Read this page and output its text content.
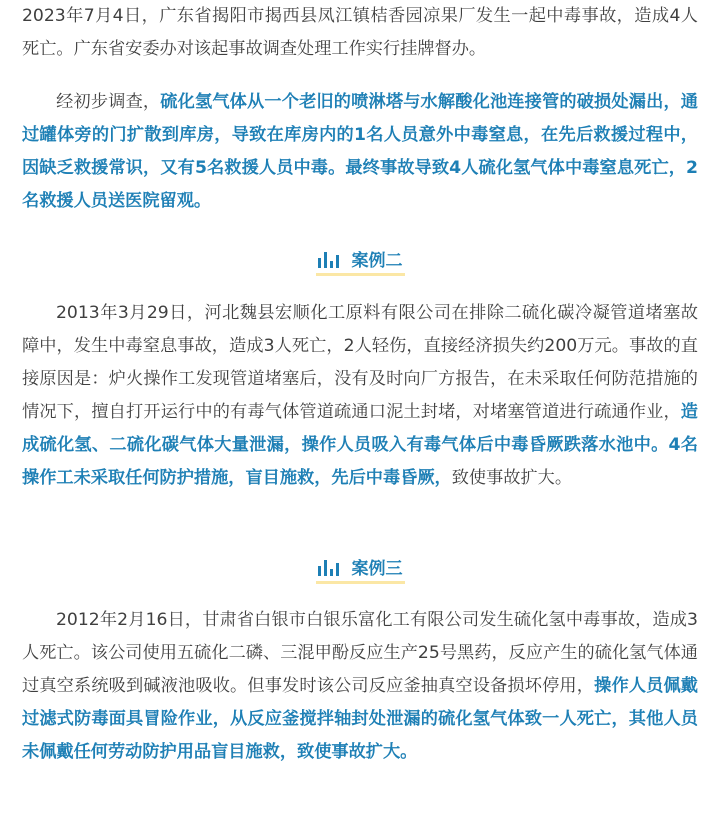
2023年7月4日，广东省揭阳市揭西县凤江镇桔香园凉果厂发生一起中毒事故，造成4人死亡。广东省安委办对该起事故调查处理工作实行挂牌督办。

经初步调查，硫化氢气体从一个老旧的喷淋塔与水解酸化池连接管的破损处漏出，通过罐体旁的门扩散到库房，导致在库房内的1名人员意外中毒窒息，在先后救援过程中，因缺乏救援常识，又有5名救援人员中毒。最终事故导致4人硫化氢气体中毒窒息死亡，2名救援人员送医院留观。

案例二

2013年3月29日，河北魏县宏顺化工原料有限公司在排除二硫化碳冷凝管道堵塞故障中，发生中毒窒息事故，造成3人死亡，2人轻伤，直接经济损失约200万元。事故的直接原因是：炉火操作工发现管道堵塞后，没有及时向厂方报告，在未采取任何防范措施的情况下，擅自打开运行中的有毒气体管道疏通口泥土封堵，对堵塞管道进行疏通作业，造成硫化氢、二硫化碳气体大量泄漏，操作人员吸入有毒气体后中毒昏厥跌落水池中。4名操作工未采取任何防护措施，盲目施救，先后中毒昏厥，致使事故扩大。

案例三

2012年2月16日，甘肃省白银市白银乐富化工有限公司发生硫化氢中毒事故，造成3人死亡。该公司使用五硫化二磷、三混甲酚反应生产25号黑药，反应产生的硫化氢气体通过真空系统吸到碱液池吸收。但事发时该公司反应釜抽真空设备损坏停用，操作人员佩戴过滤式防毒面具冒险作业，从反应釜搅拌轴封处泄漏的硫化氢气体致一人死亡，其他人员未佩戴任何劳动防护用品盲目施救，致使事故扩大。
